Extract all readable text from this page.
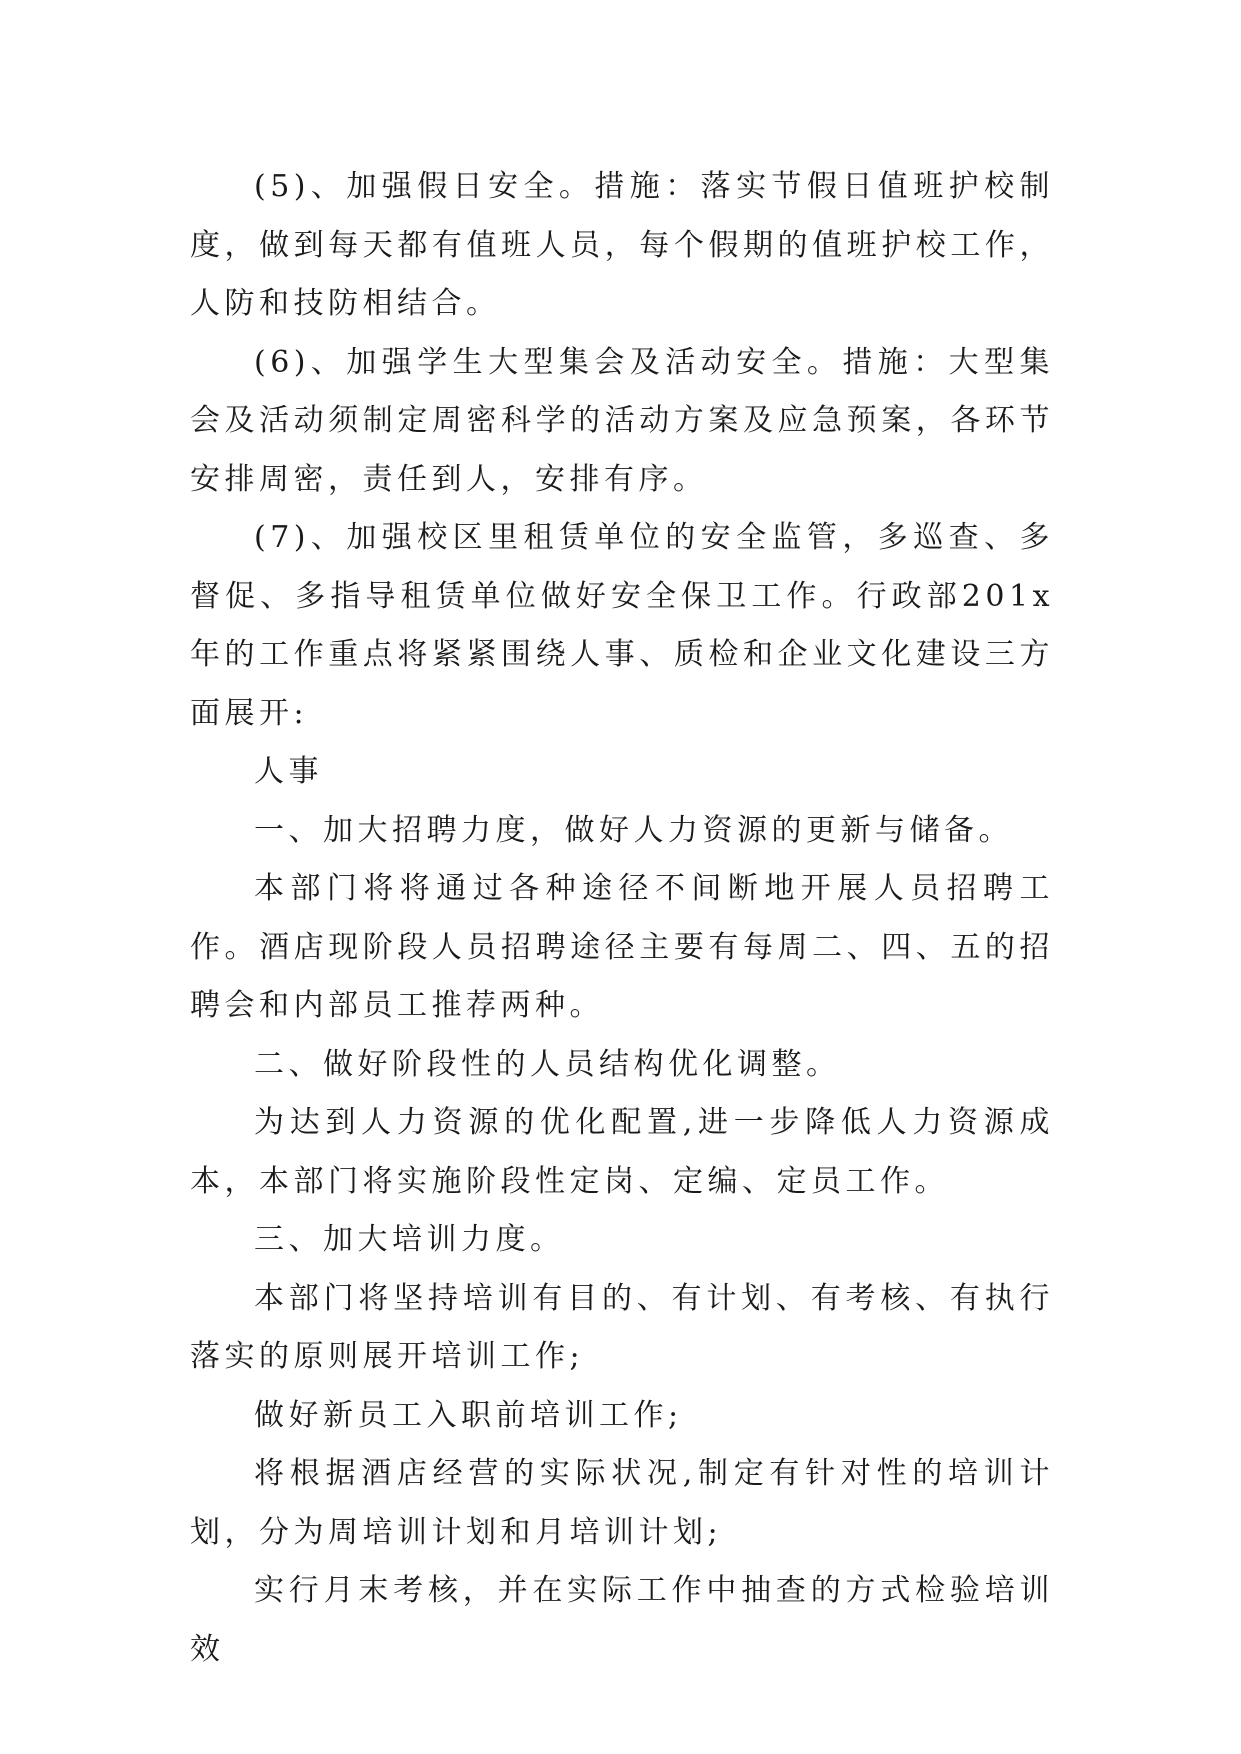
(5)、加强假日安全。措施：落实节假日值班护校制度，做到每天都有值班人员，每个假期的值班护校工作，人防和技防相结合。

(6)、加强学生大型集会及活动安全。措施：大型集会及活动须制定周密科学的活动方案及应急预案，各环节安排周密，责任到人，安排有序。

(7)、加强校区里租赁单位的安全监管，多巡查、多督促、多指导租赁单位做好安全保卫工作。行政部201x年的工作重点将紧紧围绕人事、质检和企业文化建设三方面展开:

人事

一、加大招聘力度，做好人力资源的更新与储备。

本部门将将通过各种途径不间断地开展人员招聘工作。酒店现阶段人员招聘途径主要有每周二、四、五的招聘会和内部员工推荐两种。

二、做好阶段性的人员结构优化调整。

为达到人力资源的优化配置,进一步降低人力资源成本，本部门将实施阶段性定岗、定编、定员工作。

三、加大培训力度。

本部门将坚持培训有目的、有计划、有考核、有执行落实的原则展开培训工作;

做好新员工入职前培训工作;

将根据酒店经营的实际状况,制定有针对性的培训计划，分为周培训计划和月培训计划;

实行月末考核，并在实际工作中抽查的方式检验培训效
